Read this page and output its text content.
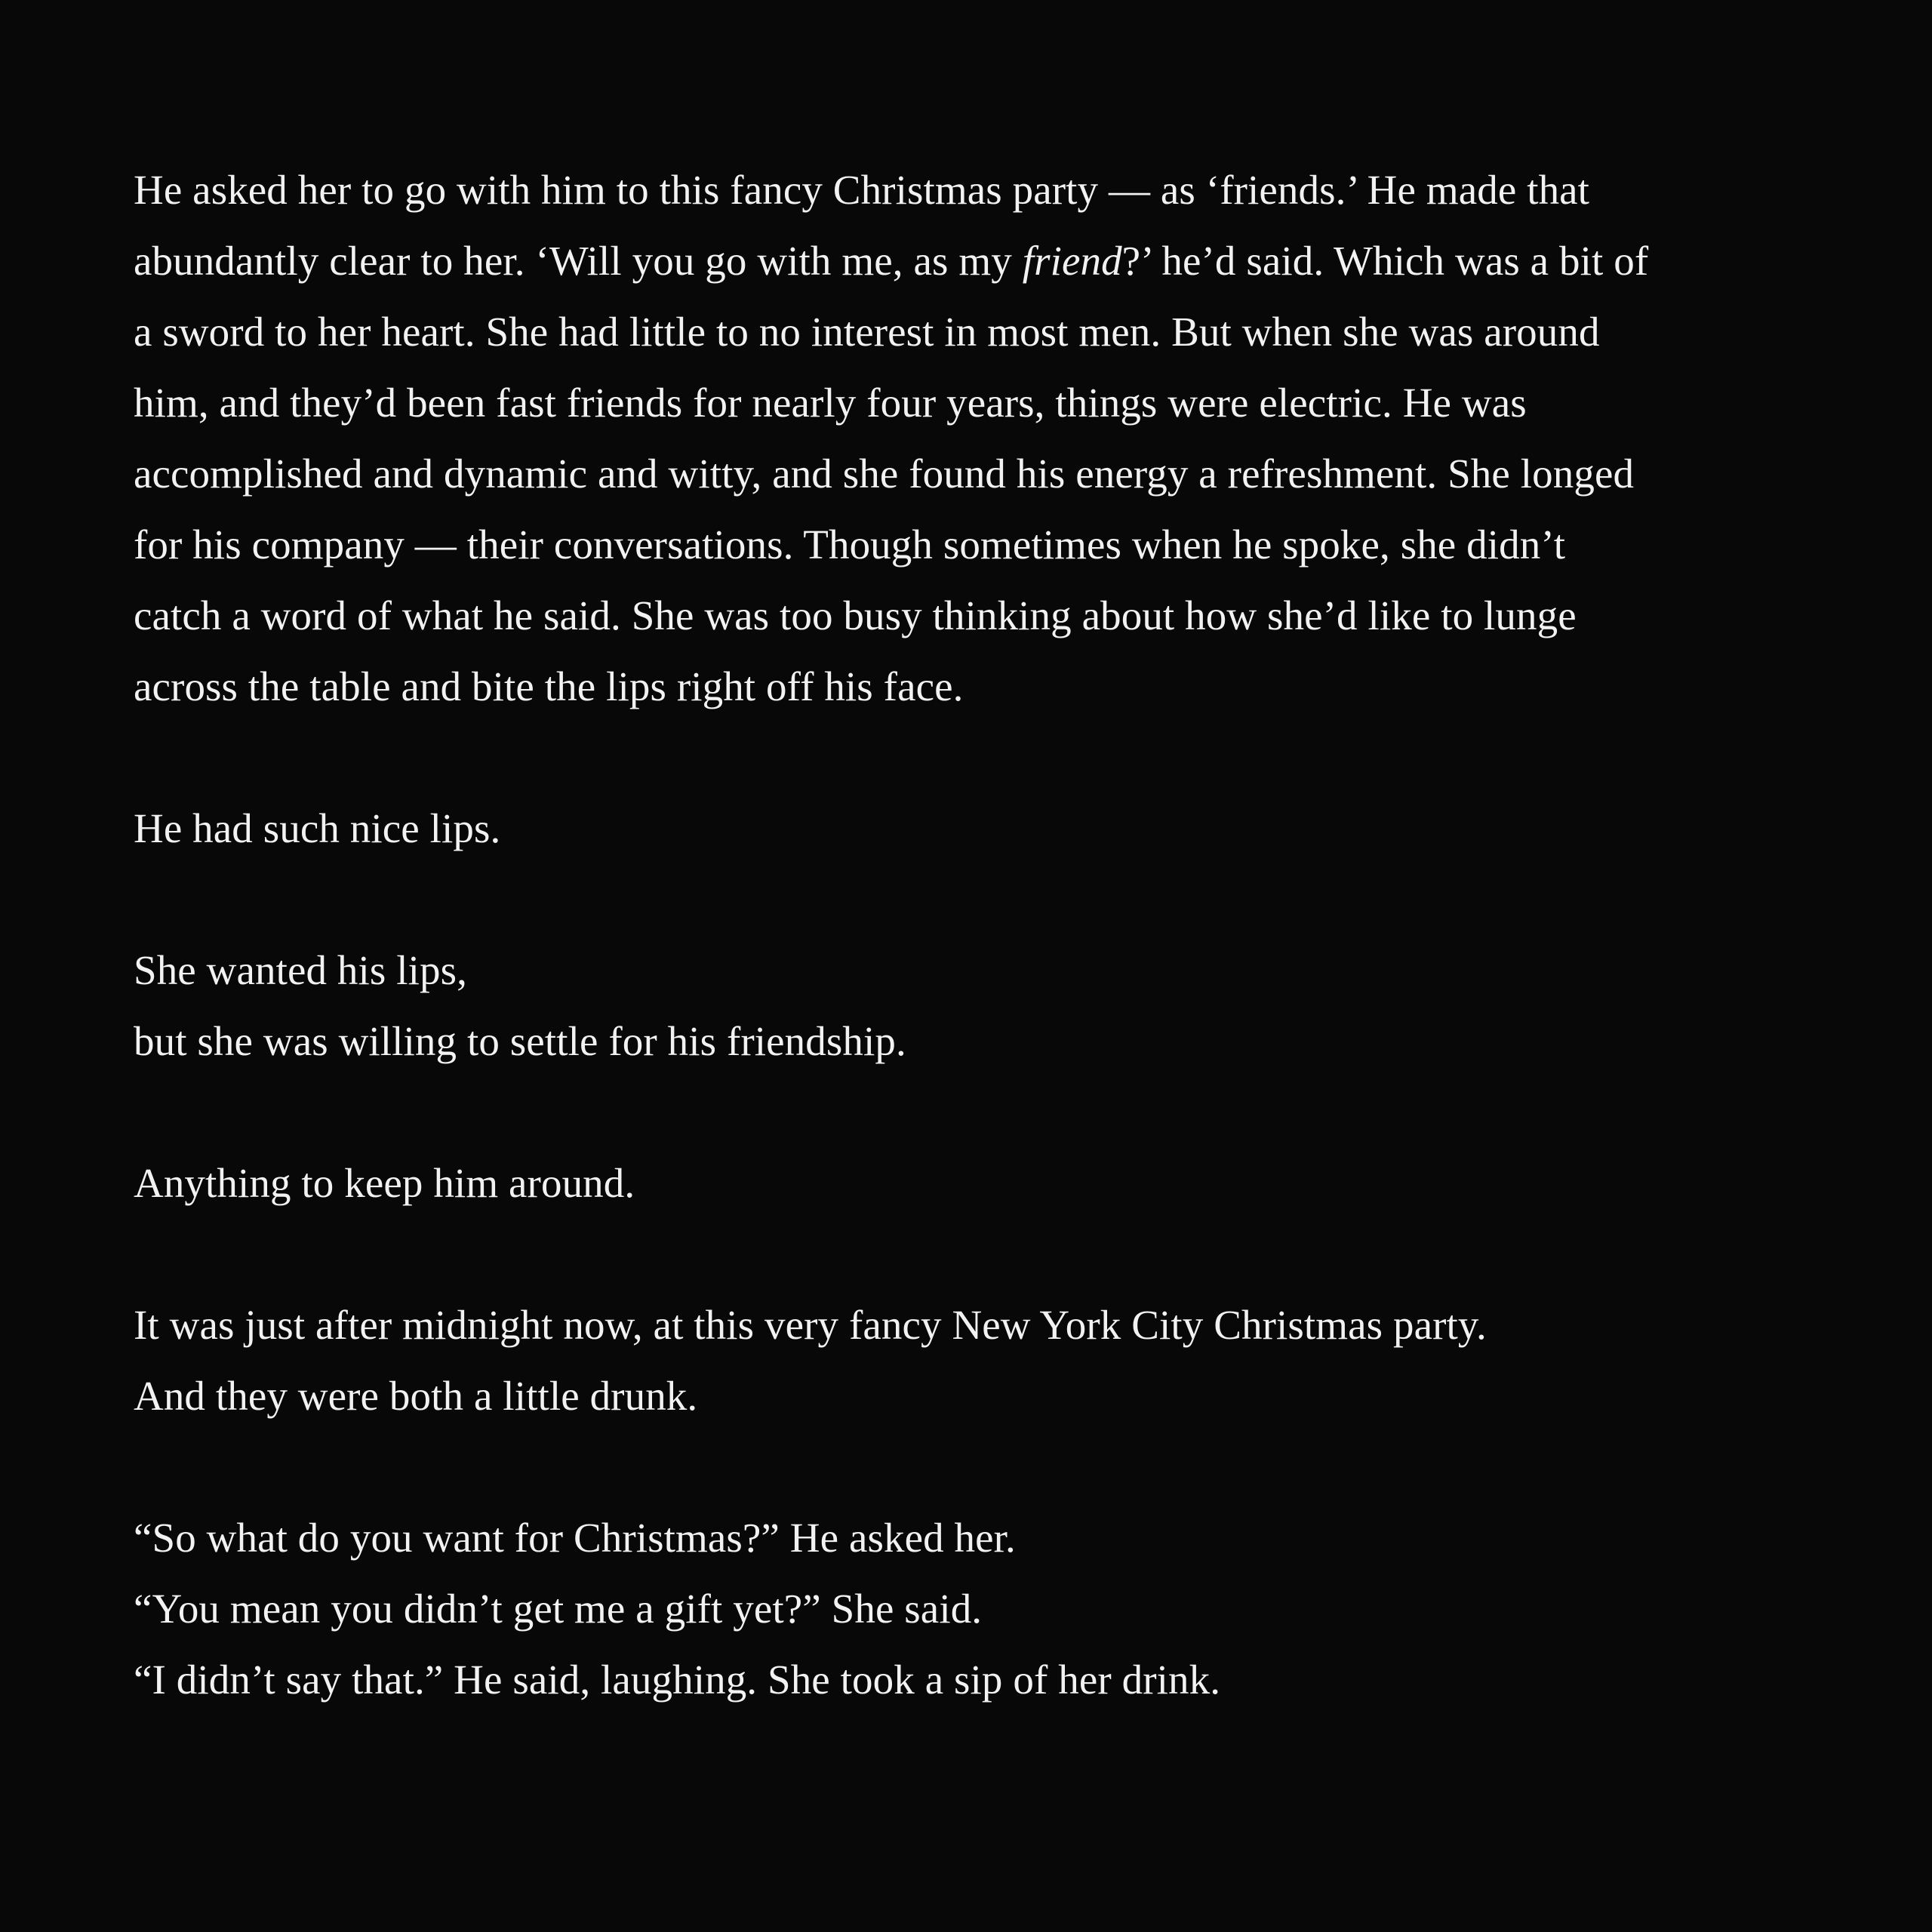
He asked her to go with him to this fancy Christmas party — as ‘friends.’ He made that
abundantly clear to her. ‘Will you go with me, as my friend?’ he’d said. Which was a bit of
a sword to her heart. She had little to no interest in most men. But when she was around
him, and they’d been fast friends for nearly four years, things were electric. He was
accomplished and dynamic and witty, and she found his energy a refreshment. She longed
for his company — their conversations. Though sometimes when he spoke, she didn’t
catch a word of what he said. She was too busy thinking about how she’d like to lunge
across the table and bite the lips right off his face.
He had such nice lips.
She wanted his lips,
but she was willing to settle for his friendship.
Anything to keep him around.
It was just after midnight now, at this very fancy New York City Christmas party.
And they were both a little drunk.
“So what do you want for Christmas?” He asked her.
“You mean you didn’t get me a gift yet?” She said.
“I didn’t say that.” He said, laughing. She took a sip of her drink.
